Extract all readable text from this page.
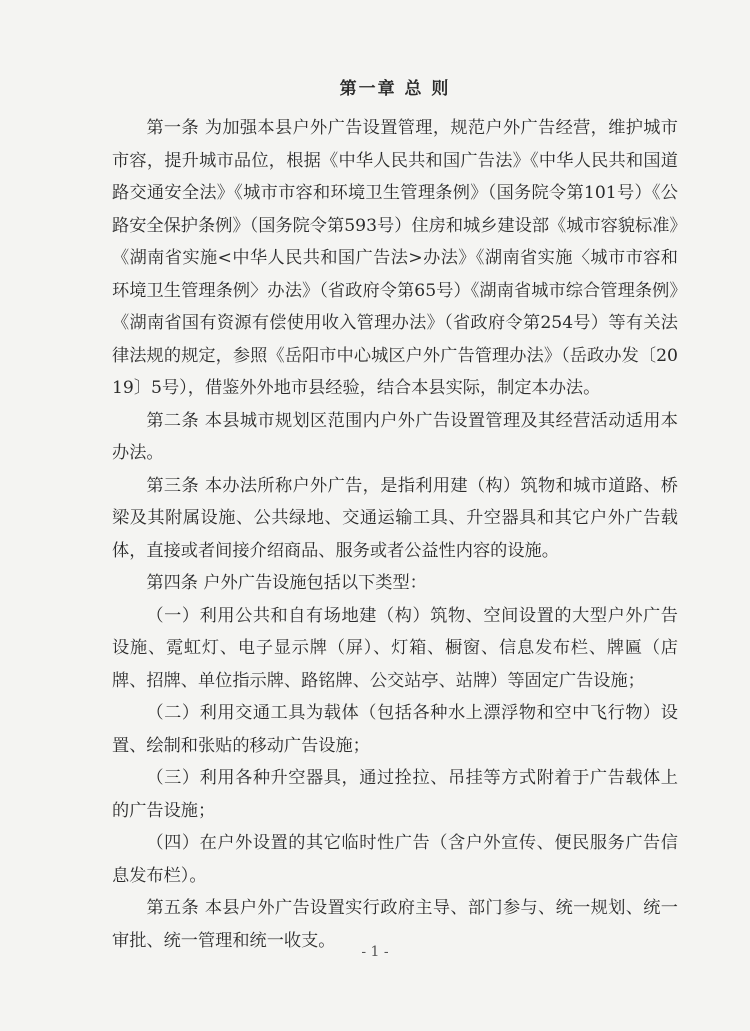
第一章 总 则

第一条 为加强本县户外广告设置管理，规范户外广告经营，维护城市市容，提升城市品位，根据《中华人民共和国广告法》《中华人民共和国道路交通安全法》《城市市容和环境卫生管理条例》（国务院令第101号）《公路安全保护条例》（国务院令第593号）住房和城乡建设部《城市容貌标准》《湖南省实施<中华人民共和国广告法>办法》《湖南省实施〈城市市容和环境卫生管理条例〉办法》（省政府令第65号）《湖南省城市综合管理条例》《湖南省国有资源有偿使用收入管理办法》（省政府令第254号）等有关法律法规的规定，参照《岳阳市中心城区户外广告管理办法》（岳政办发〔2019〕5号），借鉴外外地市县经验，结合本县实际，制定本办法。

第二条 本县城市规划区范围内户外广告设置管理及其经营活动适用本办法。

第三条 本办法所称户外广告，是指利用建（构）筑物和城市道路、桥梁及其附属设施、公共绿地、交通运输工具、升空器具和其它户外广告载体，直接或者间接介绍商品、服务或者公益性内容的设施。

第四条 户外广告设施包括以下类型：

（一）利用公共和自有场地建（构）筑物、空间设置的大型户外广告设施、霓虹灯、电子显示牌（屏）、灯箱、橱窗、信息发布栏、牌匾（店牌、招牌、单位指示牌、路铭牌、公交站亭、站牌）等固定广告设施；

（二）利用交通工具为载体（包括各种水上漂浮物和空中飞行物）设置、绘制和张贴的移动广告设施；

（三）利用各种升空器具，通过拴拉、吊挂等方式附着于广告载体上的广告设施；

（四）在户外设置的其它临时性广告（含户外宣传、便民服务广告信息发布栏）。

第五条 本县户外广告设置实行政府主导、部门参与、统一规划、统一审批、统一管理和统一收支。

- 1 -
